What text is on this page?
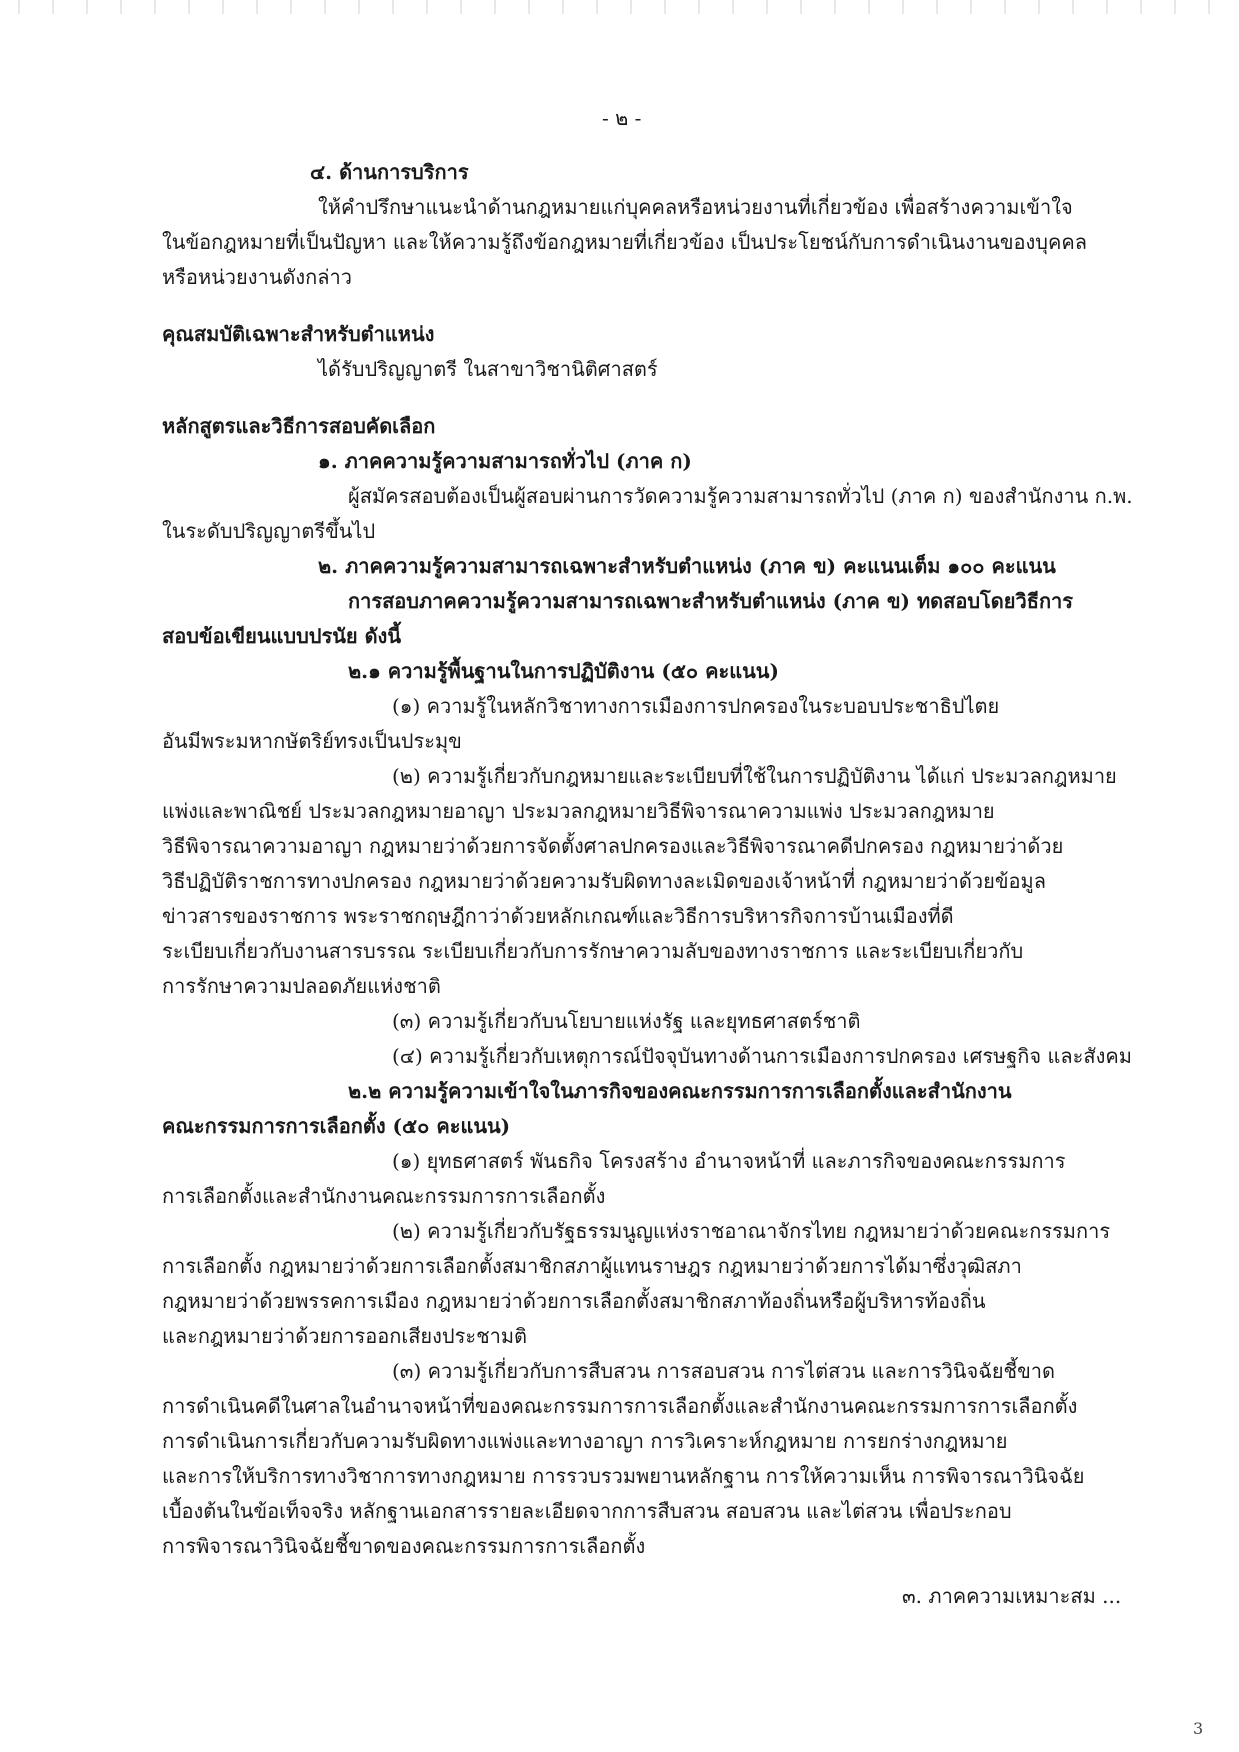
- ๒ -
๔. ด้านการบริการ
ให้คำปรึกษาแนะนำด้านกฎหมายแก่บุคคลหรือหน่วยงานที่เกี่ยวข้อง เพื่อสร้างความเข้าใจ
ในข้อกฎหมายที่เป็นปัญหา และให้ความรู้ถึงข้อกฎหมายที่เกี่ยวข้อง เป็นประโยชน์กับการดำเนินงานของบุคคล
หรือหน่วยงานดังกล่าว
คุณสมบัติเฉพาะสำหรับตำแหน่ง
ได้รับปริญญาตรี ในสาขาวิชานิติศาสตร์
หลักสูตรและวิธีการสอบคัดเลือก
๑. ภาคความรู้ความสามารถทั่วไป (ภาค ก)
ผู้สมัครสอบต้องเป็นผู้สอบผ่านการวัดความรู้ความสามารถทั่วไป (ภาค ก) ของสำนักงาน ก.พ.
ในระดับปริญญาตรีขึ้นไป
๒. ภาคความรู้ความสามารถเฉพาะสำหรับตำแหน่ง (ภาค ข) คะแนนเต็ม ๑๐๐ คะแนน
การสอบภาคความรู้ความสามารถเฉพาะสำหรับตำแหน่ง (ภาค ข) ทดสอบโดยวิธีการ
สอบข้อเขียนแบบปรนัย ดังนี้
๒.๑ ความรู้พื้นฐานในการปฏิบัติงาน (๕๐ คะแนน)
(๑) ความรู้ในหลักวิชาทางการเมืองการปกครองในระบอบประชาธิปไตย
อันมีพระมหากษัตริย์ทรงเป็นประมุข
(๒) ความรู้เกี่ยวกับกฎหมายและระเบียบที่ใช้ในการปฏิบัติงาน ได้แก่ ประมวลกฎหมาย
แพ่งและพาณิชย์ ประมวลกฎหมายอาญา ประมวลกฎหมายวิธีพิจารณาความแพ่ง ประมวลกฎหมาย
วิธีพิจารณาความอาญา กฎหมายว่าด้วยการจัดตั้งศาลปกครองและวิธีพิจารณาคดีปกครอง กฎหมายว่าด้วย
วิธีปฏิบัติราชการทางปกครอง กฎหมายว่าด้วยความรับผิดทางละเมิดของเจ้าหน้าที่ กฎหมายว่าด้วยข้อมูล
ข่าวสารของราชการ พระราชกฤษฎีกาว่าด้วยหลักเกณฑ์และวิธีการบริหารกิจการบ้านเมืองที่ดี
ระเบียบเกี่ยวกับงานสารบรรณ ระเบียบเกี่ยวกับการรักษาความลับของทางราชการ และระเบียบเกี่ยวกับ
การรักษาความปลอดภัยแห่งชาติ
(๓) ความรู้เกี่ยวกับนโยบายแห่งรัฐ และยุทธศาสตร์ชาติ
(๔) ความรู้เกี่ยวกับเหตุการณ์ปัจจุบันทางด้านการเมืองการปกครอง เศรษฐกิจ และสังคม
๒.๒ ความรู้ความเข้าใจในภารกิจของคณะกรรมการการเลือกตั้งและสำนักงาน
คณะกรรมการการเลือกตั้ง (๕๐ คะแนน)
(๑) ยุทธศาสตร์ พันธกิจ โครงสร้าง อำนาจหน้าที่ และภารกิจของคณะกรรมการ
การเลือกตั้งและสำนักงานคณะกรรมการการเลือกตั้ง
(๒) ความรู้เกี่ยวกับรัฐธรรมนูญแห่งราชอาณาจักรไทย กฎหมายว่าด้วยคณะกรรมการ
การเลือกตั้ง กฎหมายว่าด้วยการเลือกตั้งสมาชิกสภาผู้แทนราษฎร กฎหมายว่าด้วยการได้มาซึ่งวุฒิสภา
กฎหมายว่าด้วยพรรคการเมือง กฎหมายว่าด้วยการเลือกตั้งสมาชิกสภาท้องถิ่นหรือผู้บริหารท้องถิ่น
และกฎหมายว่าด้วยการออกเสียงประชามติ
(๓) ความรู้เกี่ยวกับการสืบสวน การสอบสวน การไต่สวน และการวินิจฉัยชี้ขาด
การดำเนินคดีในศาลในอำนาจหน้าที่ของคณะกรรมการการเลือกตั้งและสำนักงานคณะกรรมการการเลือกตั้ง
การดำเนินการเกี่ยวกับความรับผิดทางแพ่งและทางอาญา การวิเคราะห์กฎหมาย การยกร่างกฎหมาย
และการให้บริการทางวิชาการทางกฎหมาย การรวบรวมพยานหลักฐาน การให้ความเห็น การพิจารณาวินิจฉัย
เบื้องต้นในข้อเท็จจริง หลักฐานเอกสารรายละเอียดจากการสืบสวน สอบสวน และไต่สวน เพื่อประกอบ
การพิจารณาวินิจฉัยชี้ขาดของคณะกรรมการการเลือกตั้ง
๓. ภาคความเหมาะสม ...
3
